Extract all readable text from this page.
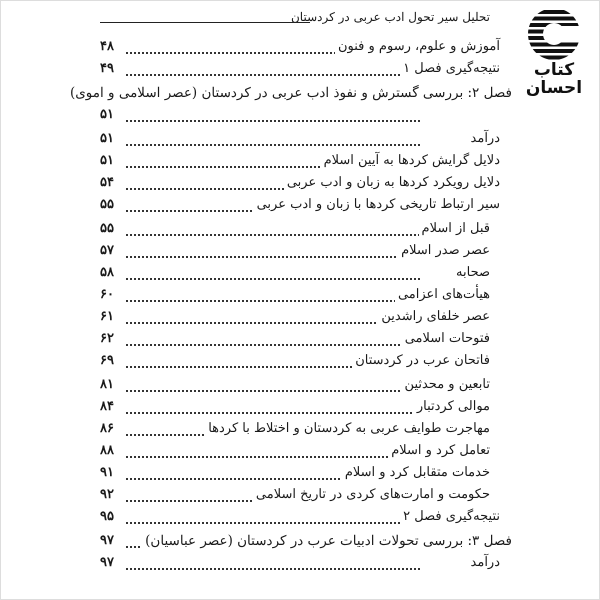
تحلیل سیر تحول ادب عربی در کردستان
کتاب
احسان
۴۸	آموزش و علوم، رسوم و فنون
۴۹	نتیجه‌گیری فصل ۱
فصل ۲: بررسی گسترش و نفوذ ادب عربی در کردستان (عصر اسلامی و اموی)
۵۱
۵۱	درآمد
۵۱	دلایل گرایش کردها به آیین اسلام
۵۴	دلایل رویکرد کردها به زبان و ادب عربی
۵۵	سیر ارتباط تاریخی کردها با زبان و ادب عربی
۵۵	قبل از اسلام
۵۷	عصر صدر اسلام
۵۸	صحابه
۶۰	هیأت‌های اعزامی
۶۱	عصر خلفای راشدین
۶۲	فتوحات اسلامی
۶۹	فاتحان عرب در کردستان
۸۱	تابعین و محدثین
۸۴	موالی کردتبار
۸۶	مهاجرت طوایف عربی به کردستان و اختلاط با کردها
۸۸	تعامل کرد و اسلام
۹۱	خدمات متقابل کرد و اسلام
۹۲	حکومت و امارت‌های کردی در تاریخ اسلامی
۹۵	نتیجه‌گیری فصل ۲
۹۷ فصل ۳: بررسی تحولات ادبیات عرب در کردستان (عصر عباسیان)
۹۷	درآمد
